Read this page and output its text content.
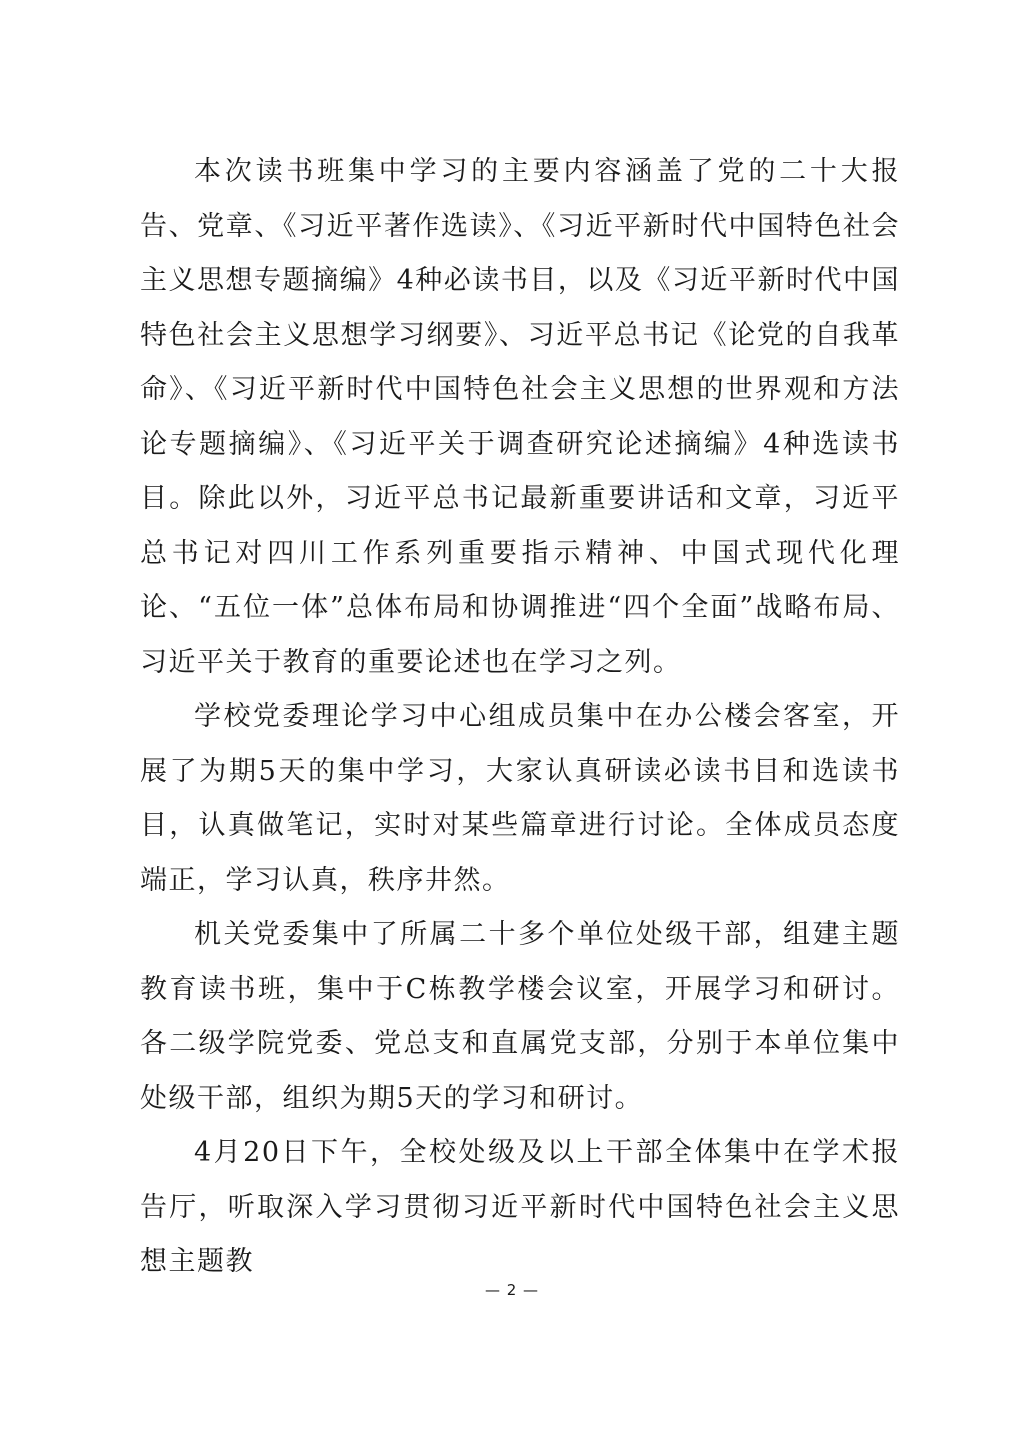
本次读书班集中学习的主要内容涵盖了党的二十大报告、党章、《习近平著作选读》、《习近平新时代中国特色社会主义思想专题摘编》4种必读书目，以及《习近平新时代中国特色社会主义思想学习纲要》、习近平总书记《论党的自我革命》、《习近平新时代中国特色社会主义思想的世界观和方法论专题摘编》、《习近平关于调查研究论述摘编》4种选读书目。除此以外，习近平总书记最新重要讲话和文章，习近平总书记对四川工作系列重要指示精神、中国式现代化理论、“五位一体”总体布局和协调推进“四个全面”战略布局、习近平关于教育的重要论述也在学习之列。

学校党委理论学习中心组成员集中在办公楼会客室，开展了为期5天的集中学习，大家认真研读必读书目和选读书目，认真做笔记，实时对某些篇章进行讨论。全体成员态度端正，学习认真，秩序井然。

机关党委集中了所属二十多个单位处级干部，组建主题教育读书班，集中于C栋教学楼会议室，开展学习和研讨。各二级学院党委、党总支和直属党支部，分别于本单位集中处级干部，组织为期5天的学习和研讨。

4月20日下午，全校处级及以上干部全体集中在学术报告厅，听取深入学习贯彻习近平新时代中国特色社会主义思想主题教

— 2 —
